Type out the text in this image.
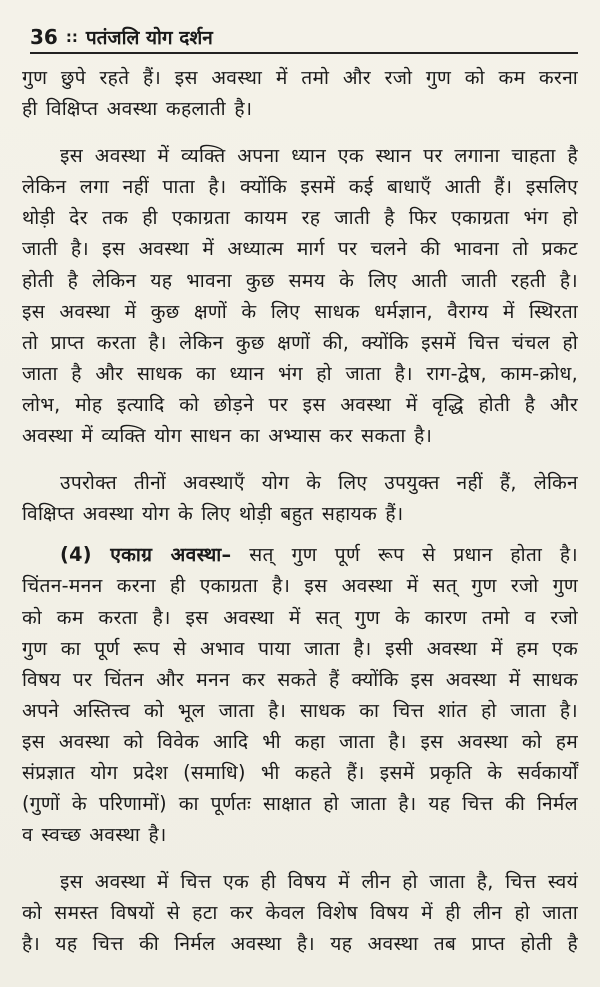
36 :: पतंजलि योग दर्शन

गुण छुपे रहते हैं। इस अवस्था में तमो और रजो गुण को कम करना
ही विक्षिप्त अवस्था कहलाती है।

इस अवस्था में व्यक्ति अपना ध्यान एक स्थान पर लगाना चाहता है
लेकिन लगा नहीं पाता है। क्योंकि इसमें कई बाधाएँ आती हैं। इसलिए
थोड़ी देर तक ही एकाग्रता कायम रह जाती है फिर एकाग्रता भंग हो
जाती है। इस अवस्था में अध्यात्म मार्ग पर चलने की भावना तो प्रकट
होती है लेकिन यह भावना कुछ समय के लिए आती जाती रहती है।
इस अवस्था में कुछ क्षणों के लिए साधक धर्मज्ञान, वैराग्य में स्थिरता
तो प्राप्त करता है। लेकिन कुछ क्षणों की, क्योंकि इसमें चित्त चंचल हो
जाता है और साधक का ध्यान भंग हो जाता है। राग-द्वेष, काम-क्रोध,
लोभ, मोह इत्यादि को छोड़ने पर इस अवस्था में वृद्धि होती है और
अवस्था में व्यक्ति योग साधन का अभ्यास कर सकता है।

उपरोक्त तीनों अवस्थाएँ योग के लिए उपयुक्त नहीं हैं, लेकिन
विक्षिप्त अवस्था योग के लिए थोड़ी बहुत सहायक हैं।

(4) एकाग्र अवस्था– सत् गुण पूर्ण रूप से प्रधान होता है।
चिंतन-मनन करना ही एकाग्रता है। इस अवस्था में सत् गुण रजो गुण
को कम करता है। इस अवस्था में सत् गुण के कारण तमो व रजो
गुण का पूर्ण रूप से अभाव पाया जाता है। इसी अवस्था में हम एक
विषय पर चिंतन और मनन कर सकते हैं क्योंकि इस अवस्था में साधक
अपने अस्तित्त्व को भूल जाता है। साधक का चित्त शांत हो जाता है।
इस अवस्था को विवेक आदि भी कहा जाता है। इस अवस्था को हम
संप्रज्ञात योग प्रदेश (समाधि) भी कहते हैं। इसमें प्रकृति के सर्वकार्यों
(गुणों के परिणामों) का पूर्णतः साक्षात हो जाता है। यह चित्त की निर्मल
व स्वच्छ अवस्था है।

इस अवस्था में चित्त एक ही विषय में लीन हो जाता है, चित्त स्वयं
को समस्त विषयों से हटा कर केवल विशेष विषय में ही लीन हो जाता
है। यह चित्त की निर्मल अवस्था है। यह अवस्था तब प्राप्त होती है
